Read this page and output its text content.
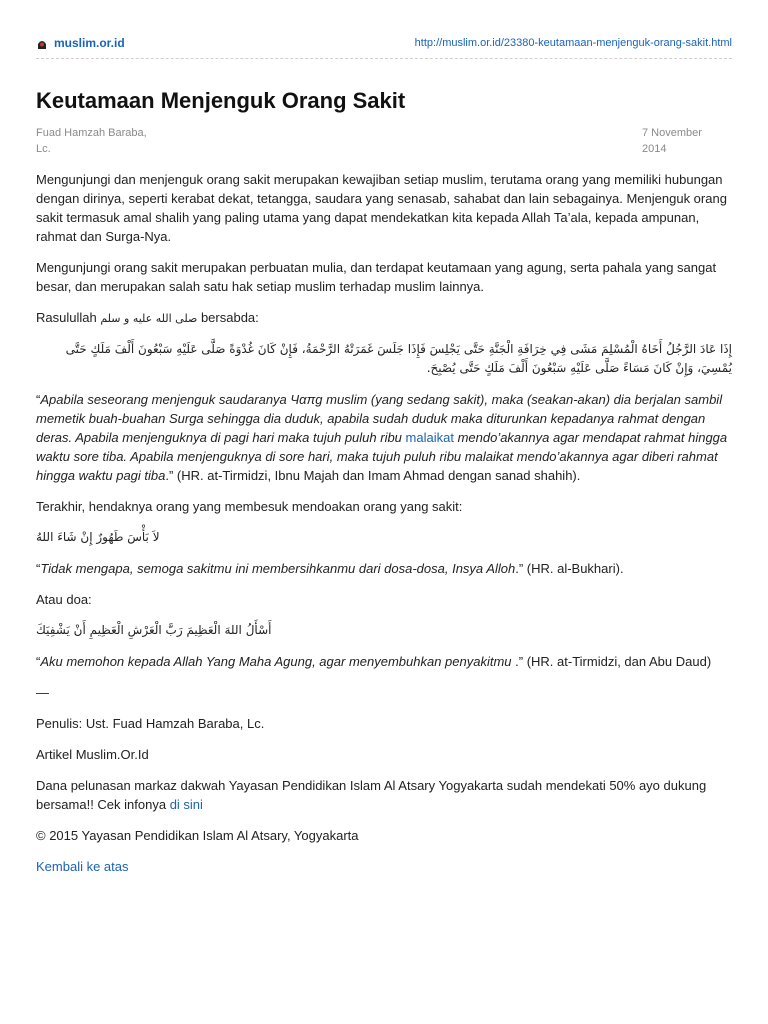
muslim.or.id	http://muslim.or.id/23380-keutamaan-menjenguk-orang-sakit.html
Keutamaan Menjenguk Orang Sakit
Fuad Hamzah Baraba,
Lc.
7 November
2014

Mengunjungi dan menjenguk orang sakit merupakan kewajiban setiap muslim, terutama orang yang memiliki hubungan dengan dirinya, seperti kerabat dekat, tetangga, saudara yang senasab, sahabat dan lain sebagainya. Menjenguk orang sakit termasuk amal shalih yang paling utama yang dapat mendekatkan kita kepada Allah Ta’ala, kepada ampunan, rahmat dan Surga-Nya.

Mengunjungi orang sakit merupakan perbuatan mulia, dan terdapat keutamaan yang agung, serta pahala yang sangat besar, dan merupakan salah satu hak setiap muslim terhadap muslim lainnya.

Rasulullah صلى الله عليه و سلم bersabda:

إِذَا عَادَ الرَّجُلُ أَخَاهُ الْمُسْلِمَ مَشَى فِي خِرَافَةِ الْجَنَّةِ حَتَّى يَجْلِسَ فَإِذَا جَلَسَ غَمَرَتْهُ الرَّحْمَةُ، فَإِنْ كَانَ غُدْوَةً صَلَّى عَلَيْهِ سَبْعُونَ أَلْفَ مَلَكٍ حَتَّى يُمْسِيَ، وَإِنْ كَانَ مَسَاءً صَلَّى عَلَيْهِ سَبْعُونَ أَلْفَ مَلَكٍ حَتَّى يُصْبِحَ.

“Apabila seseorang menjenguk saudaranya Чαπg muslim (yang sedang sakit), maka (seakan-akan) dia berjalan sambil memetik buah-buahan Surga sehingga dia duduk, apabila sudah duduk maka diturunkan kepadanya rahmat dengan deras. Apabila menjenguknya di pagi hari maka tujuh puluh ribu malaikat mendo’akannya agar mendapat rahmat hingga waktu sore tiba. Apabila menjenguknya di sore hari, maka tujuh puluh ribu malaikat mendo’akannya agar diberi rahmat hingga waktu pagi tiba.” (HR. at-Tirmidzi, Ibnu Majah dan Imam Ahmad dengan sanad shahih).

Terakhir, hendaknya orang yang membesuk mendoakan orang yang sakit:

لاَ بَأْسَ طَهُورٌ إِنْ شَاءَ اللهُ

“Tidak mengapa, semoga sakitmu ini membersihkanmu dari dosa-dosa, Insya Alloh.” (HR. al-Bukhari).

Atau doa:

أَسْأَلُ اللهَ الْعَظِيمَ رَبَّ الْعَرْشِ الْعَظِيمِ أَنْ يَشْفِيَكَ

“Aku memohon kepada Allah Yang Maha Agung, agar menyembuhkan penyakitmu .” (HR. at-Tirmidzi, dan Abu Daud)

—

Penulis: Ust. Fuad Hamzah Baraba, Lc.

Artikel Muslim.Or.Id

Dana pelunasan markaz dakwah Yayasan Pendidikan Islam Al Atsary Yogyakarta sudah mendekati 50% ayo dukung bersama!! Cek infonya di sini

© 2015 Yayasan Pendidikan Islam Al Atsary, Yogyakarta

Kembali ke atas
